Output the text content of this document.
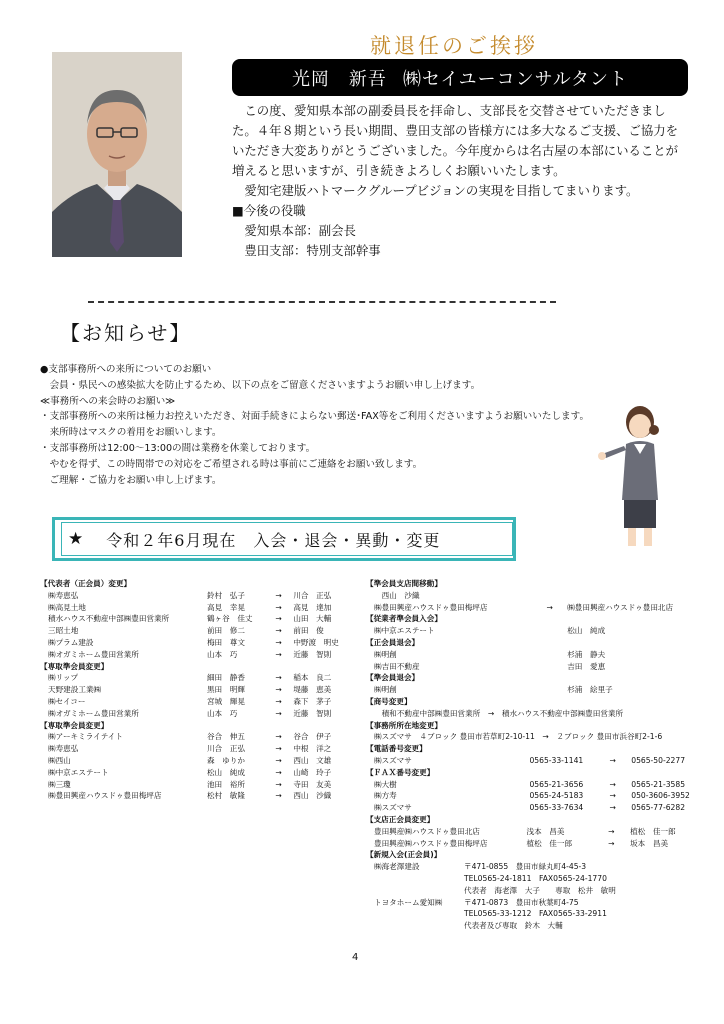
就退任のご挨拶
光岡　新吾 ㈱セイユーコンサルタント

　この度、愛知県本部の副委員長を拝命し、支部長を交替させていただきました。４年８期という長い期間、豊田支部の皆様方には多大なるご支援、ご協力をいただき大変ありがとうございました。今年度からは名古屋の本部にいることが増えると思いますが、引き続きよろしくお願いいたします。

　愛知宅建版ハトマークグループビジョンの実現を目指してまいります。

■今後の役職

　愛知県本部：副会長

　豊田支部：特別支部幹事

【お知らせ】

●支部事務所への来所についてのお願い

　会員・県民への感染拡大を防止するため、以下の点をご留意くださいますようお願い申し上げます。

≪事務所への来会時のお願い≫

・支部事務所への来所は極力お控えいただき、対面手続きによらない郵送･FAX等をご利用くださいますようお願いいたします。

　来所時はマスクの着用をお願いします。

・支部事務所は12:00～13:00の間は業務を休業しております。

　やむを得ず、この時間帯での対応をご希望される時は事前にご連絡をお願い致します。

　ご理解・ご協力をお願い申し上げます。

★ 令和２年6月現在　入会・退会・異動・変更
【代表者（正会員）変更】
㈱寿恵弘	鈴村　弘子	→	川合　正弘
㈱高見土地	高見　幸晃	→	高見　達加
積水ハウス不動産中部㈱豊田営業所	鶴ヶ谷　佳丈	→	山田　大輔
三昭土地	前田　修二	→	前田　俊
㈱プラム建設	梅田　尊文	→	中野渡　明史
㈱オガミホーム豊田営業所	山本　巧	→	近藤　智則
【専取準会員変更】
㈱リップ	細田　静香	→	稲本　良二
天野建設工業㈱	黒田　明輝	→	堤藤　恵美
㈱セイコー	宮城　輝晃	→	森下　茅子
㈱オガミホーム豊田営業所	山本　巧	→	近藤　智則
【専取準会員変更】
㈱アーキミライテイト	谷合　伸五	→	谷合　伊子
㈱寿恵弘	川合　正弘	→	中根　洋之
㈱西山	森　ゆりか	→	西山　文雄
㈱中京エステート	松山　純成	→	山崎　玲子
㈱三瓊	池田　裕所	→	寺田　友美
㈱豊田興産ハウスドゥ豊田梅坪店	松村　敏隆	→	西山　沙織
【準会員支店間移動】
　西山　沙織
㈱豊田興産ハウスドゥ豊田梅坪店	→	㈱豊田興産ハウスドゥ豊田北店
【従業者準会員入会】
㈱中京エステート	松山　純成
【正会員退会】
㈱明創	杉浦　静夫
㈱吉田不動産	吉田　愛恵
【準会員退会】
㈱明創	杉浦　絵里子
【商号変更】
　積和不動産中部㈱豊田営業所　→　積水ハウス不動産中部㈱豊田営業所
【事務所所在地変更】
㈱スズマサ　４ブロック 豊田市若草町2-10-11　→　２ブロック 豊田市浜谷町2-1-6
【電話番号変更】
㈱スズマサ	0565-33-1141	→	0565-50-2277
【ＦＡＸ番号変更】
㈱大樹	0565-21-3656	→	0565-21-3585
㈱方寿	0565-24-5183	→	050-3606-3952
㈱スズマサ	0565-33-7634	→	0565-77-6282
【支店正会員変更】
豊田興産㈱ハウスドゥ豊田北店	浅本　昌美	→	植松　佳一郎
豊田興産㈱ハウスドゥ豊田梅坪店	植松　佳一郎	→	坂本　昌美
【新規入会(正会員)】
㈱海老澤建設	〒471-0855　豊田市緑丸町4-45-3
TEL0565-24-1811　FAX0565-24-1770
代表者　海老澤　大子　　専取　松井　敏明
トヨタホーム愛知㈱	〒471-0873　豊田市秋葉町4-75
TEL0565-33-1212　FAX0565-33-2911
代表者及び専取　鈴木　大輔
4
